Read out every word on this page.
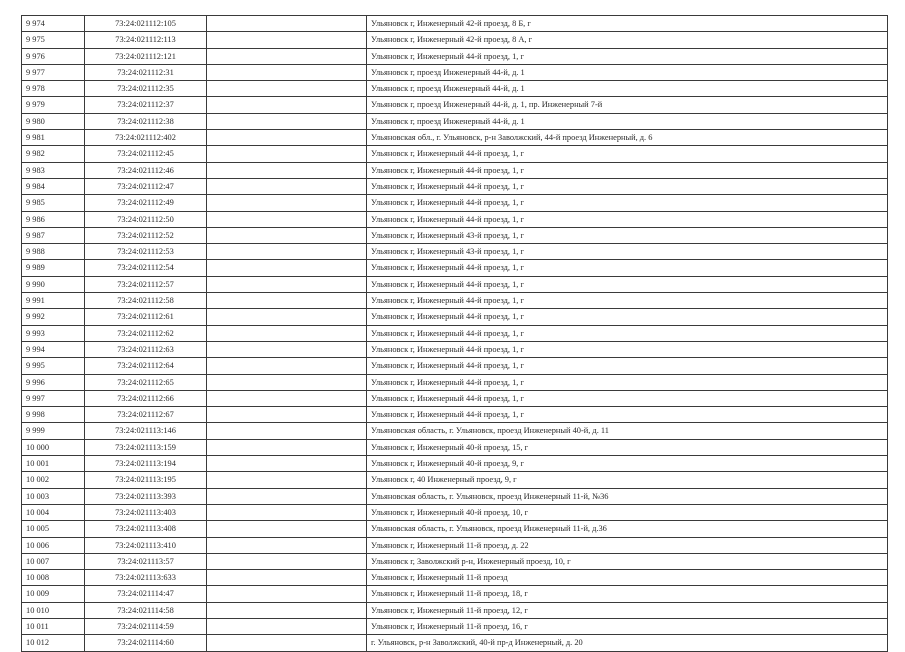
9 974	73:24:021112:105		Ульяновск г, Инженерный 42-й проезд, 8 Б, г
9 975	73:24:021112:113		Ульяновск г, Инженерный 42-й проезд, 8 А, г
9 976	73:24:021112:121		Ульяновск г, Инженерный 44-й проезд, 1, г
9 977	73:24:021112:31		Ульяновск г, проезд Инженерный 44-й, д. 1
9 978	73:24:021112:35		Ульяновск г, проезд Инженерный 44-й, д. 1
9 979	73:24:021112:37		Ульяновск г, проезд Инженерный 44-й, д. 1, пр. Инженерный 7-й
9 980	73:24:021112:38		Ульяновск г, проезд Инженерный 44-й, д. 1
9 981	73:24:021112:402		Ульяновская обл., г. Ульяновск, р-н Заволжский, 44-й проезд Инженерный, д. 6
9 982	73:24:021112:45		Ульяновск г, Инженерный 44-й проезд, 1, г
9 983	73:24:021112:46		Ульяновск г, Инженерный 44-й проезд, 1, г
9 984	73:24:021112:47		Ульяновск г, Инженерный 44-й проезд, 1, г
9 985	73:24:021112:49		Ульяновск г, Инженерный 44-й проезд, 1, г
9 986	73:24:021112:50		Ульяновск г, Инженерный 44-й проезд, 1, г
9 987	73:24:021112:52		Ульяновск г, Инженерный 43-й проезд, 1, г
9 988	73:24:021112:53		Ульяновск г, Инженерный 43-й проезд, 1, г
9 989	73:24:021112:54		Ульяновск г, Инженерный 44-й проезд, 1, г
9 990	73:24:021112:57		Ульяновск г, Инженерный 44-й проезд, 1, г
9 991	73:24:021112:58		Ульяновск г, Инженерный 44-й проезд, 1, г
9 992	73:24:021112:61		Ульяновск г, Инженерный 44-й проезд, 1, г
9 993	73:24:021112:62		Ульяновск г, Инженерный 44-й проезд, 1, г
9 994	73:24:021112:63		Ульяновск г, Инженерный 44-й проезд, 1, г
9 995	73:24:021112:64		Ульяновск г, Инженерный 44-й проезд, 1, г
9 996	73:24:021112:65		Ульяновск г, Инженерный 44-й проезд, 1, г
9 997	73:24:021112:66		Ульяновск г, Инженерный 44-й проезд, 1, г
9 998	73:24:021112:67		Ульяновск г, Инженерный 44-й проезд, 1, г
9 999	73:24:021113:146		Ульяновская область, г. Ульяновск, проезд Инженерный 40-й, д. 11
10 000	73:24:021113:159		Ульяновск г, Инженерный 40-й проезд, 15, г
10 001	73:24:021113:194		Ульяновск г, Инженерный 40-й проезд, 9, г
10 002	73:24:021113:195		Ульяновск г, 40 Инженерный проезд, 9, г
10 003	73:24:021113:393		Ульяновская область, г. Ульяновск, проезд Инженерный 11-й, №36
10 004	73:24:021113:403		Ульяновск г, Инженерный 40-й проезд, 10, г
10 005	73:24:021113:408		Ульяновская область, г. Ульяновск, проезд Инженерный 11-й, д.36
10 006	73:24:021113:410		Ульяновск г, Инженерный 11-й проезд, д. 22
10 007	73:24:021113:57		Ульяновск г, Заволжский р-н, Инженерный проезд, 10, г
10 008	73:24:021113:633		Ульяновск г, Инженерный 11-й проезд
10 009	73:24:021114:47		Ульяновск г, Инженерный 11-й проезд, 18, г
10 010	73:24:021114:58		Ульяновск г, Инженерный 11-й проезд, 12, г
10 011	73:24:021114:59		Ульяновск г, Инженерный 11-й проезд, 16, г
10 012	73:24:021114:60		г. Ульяновск, р-н Заволжский, 40-й пр-д Инженерный, д. 20
